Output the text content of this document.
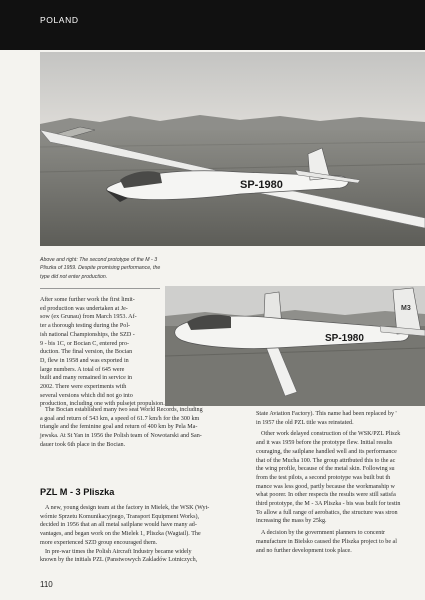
POLAND
SP-1980
Above and right: The second prototype of the M - 3 Pliszka of 1959. Despite promising performance, the type did not enter production.
SP-1980
M3

After some further work the first limit-

ed production was undertaken at Je-

sow (ex Grunau) from March 1953. Af-

ter a thorough testing during the Pol-

ish national Championships, the SZD -

9 - bis 1C, or Bocian C, entered pro-

duction. The final version, the Bocian

D, flew in 1958 and was exported in

large numbers. A total of 645 were

built and many remained in service in

2002. There were experiments with

several versions which did not go into

production, including one with pulsejet propulsion.

The Bocian established many two seat World Records, including

a goal and return of 543 km, a speed of 61.7 km/h for the 300 km

triangle and the feminine goal and return of 400 km by Pela Ma-

jewska. At St Yan in 1956 the Polish team of Nowotarski and San-

dauer took 6th place in the Bocian.

PZL M - 3 Pliszka

A new, young design team at the factory in Mielek, the WSK (Wyt-

wórnie Sprzetu Komunikacyjnego, Transport Equipment Works),

decided in 1956 that an all metal sailplane would have many ad-

vantages, and began work on the Mielek 1, Pliszka (Wagtail). The

more experienced SZD group encouraged them.

In pre-war times the Polish Aircraft Industry became widely

known by the initials PZL (Panstwowych Zakladów Lotniczych,

State Aviation Factory). This name had been replaced by '

in 1957 the old PZL title was reinstated.

Other work delayed construction of the WSK/PZL Pliszk

and it was 1959 before the prototype flew. Initial results

couraging, the sailplane handled well and its performance

that of the Mucha 100. The group attributed this to the ac

the wing profile, because of the metal skin. Following su

from the test pilots, a second prototype was built but th

mance was less good, partly because the workmanship w

what poorer. In other respects the results were still satisfa

third prototype, the M - 3A Pliszka - bis was built for testin

To allow a full range of aerobatics, the structure was stron

increasing the mass by 25kg.

A decision by the government planners to concentr

manufacture in Bielsko caused the Pliszka project to be al

and no further development took place.

110
